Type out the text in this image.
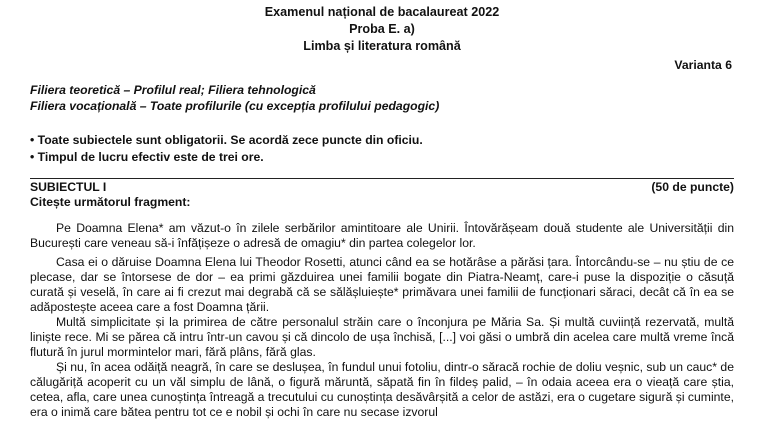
Examenul național de bacalaureat 2022
Proba E. a)
Limba și literatura română
Varianta 6
Filiera teoretică – Profilul real; Filiera tehnologică
Filiera vocațională – Toate profilurile (cu excepția profilului pedagogic)
• Toate subiectele sunt obligatorii. Se acordă zece puncte din oficiu.
• Timpul de lucru efectiv este de trei ore.
SUBIECTUL I	(50 de puncte)
Citește următorul fragment:

Pe Doamna Elena* am văzut-o în zilele serbărilor amintitoare ale Unirii. Întovărășeam două studente ale Universității din București care veneau să-i înfățișeze o adresă de omagiu* din partea colegelor lor.

Casa ei o dăruise Doamna Elena lui Theodor Rosetti, atunci când ea se hotărâse a părăsi țara. Întorcându-se – nu știu de ce plecase, dar se întorsese de dor – ea primi găzduirea unei familii bogate din Piatra-Neamț, care-i puse la dispoziție o căsuță curată și veselă, în care ai fi crezut mai degrabă că se sălășluiește* primăvara unei familii de funcționari săraci, decât că în ea se adăpostește aceea care a fost Doamna țării.

Multă simplicitate și la primirea de către personalul străin care o înconjura pe Măria Sa. Și multă cuviință rezervată, multă liniște rece. Mi se părea că intru într-un cavou și că dincolo de ușa închisă, [...] voi găsi o umbră din acelea care multă vreme încă flutură în jurul mormintelor mari, fără plâns, fără glas.

Și nu, în acea odăiță neagră, în care se deslușea, în fundul unui fotoliu, dintr-o săracă rochie de doliu veșnic, sub un cauc* de călugăriță acoperit cu un văl simplu de lână, o figură măruntă, săpată fin în fildeș palid, – în odaia aceea era o vieață care știa, cetea, afla, care unea cunoștința întreagă a trecutului cu cunoștința desăvârșită a celor de astăzi, era o cugetare sigură și cuminte, era o inimă care bătea pentru tot ce e nobil și ochi în care nu secase izvorul
